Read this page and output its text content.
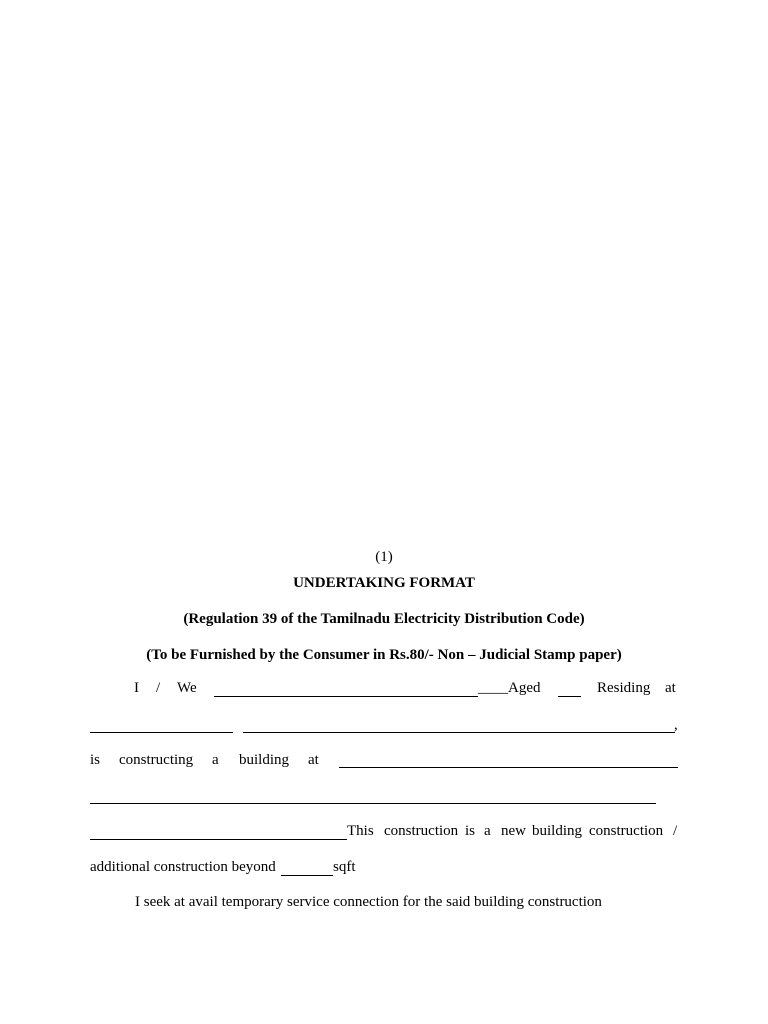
(1)
UNDERTAKING FORMAT
(Regulation 39 of the Tamilnadu Electricity Distribution Code)
(To be Furnished by the Consumer in Rs.80/- Non – Judicial Stamp paper)
I / We	____Aged	Residing at
,
is constructing a building at
This construction is a new building construction /
additional construction beyond	sqft
I seek at avail temporary service connection for the said building construction
